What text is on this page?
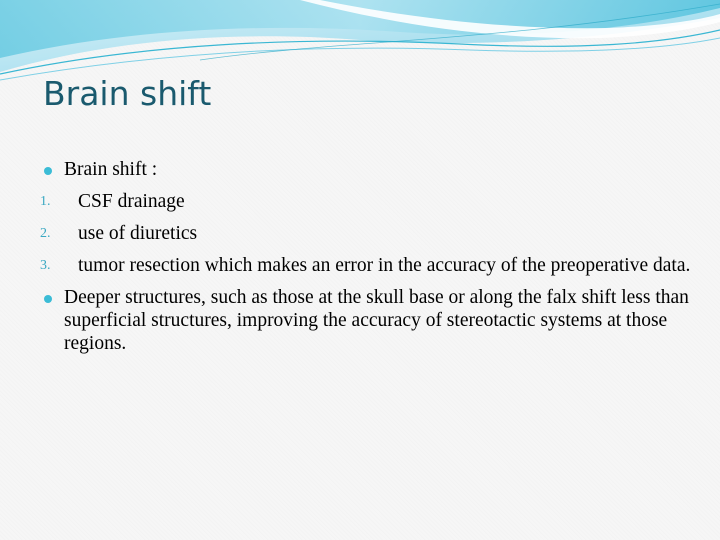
Brain shift
Brain shift :
1. CSF drainage
2. use of diuretics
3. tumor resection which makes an error in the accuracy of the preoperative data.
Deeper structures, such as those at the skull base or along the falx shift less than superficial structures, improving the accuracy of stereotactic systems at those regions.
